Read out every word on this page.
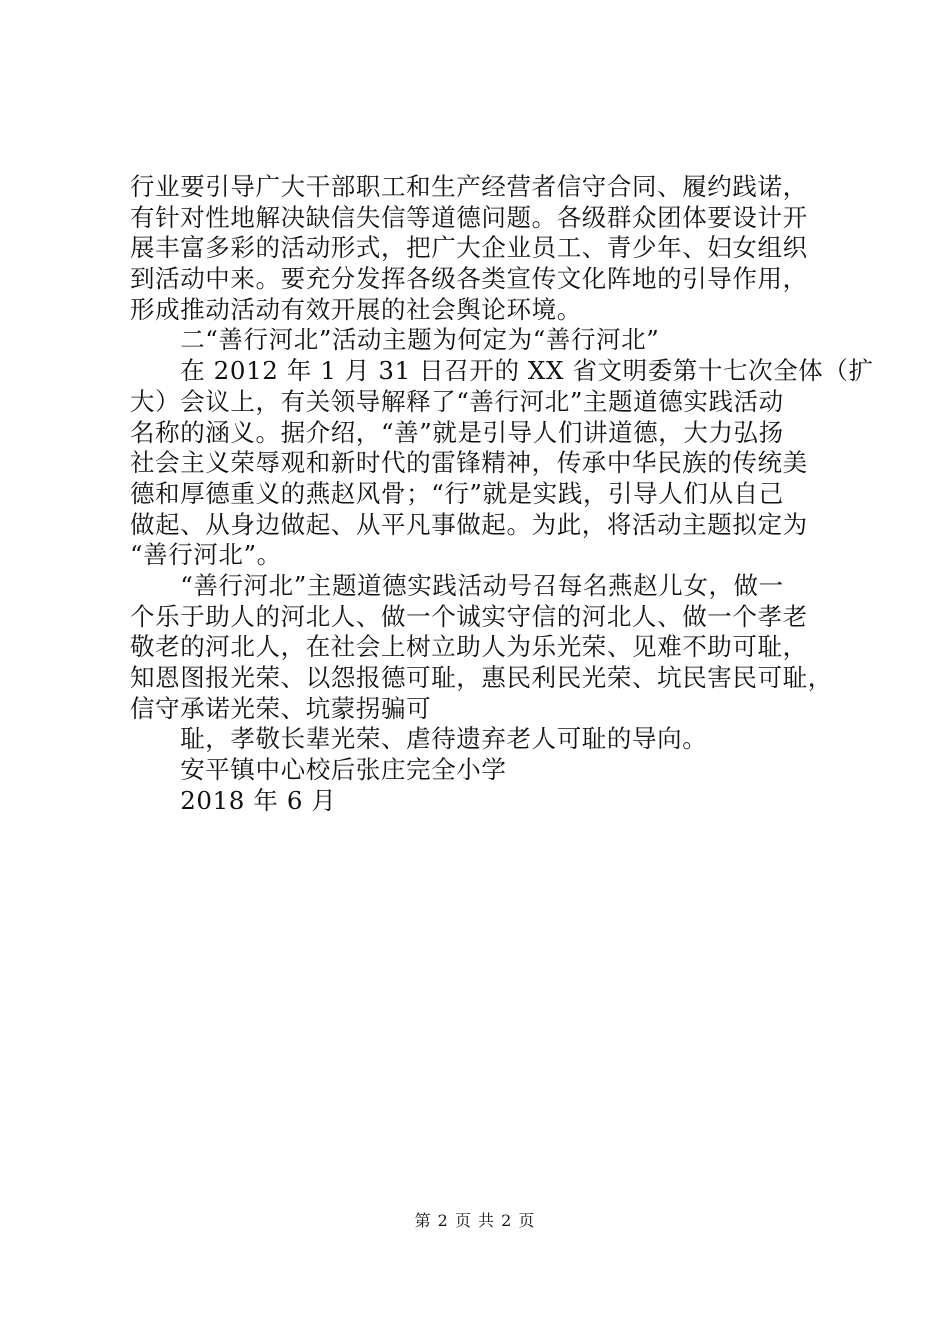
行业要引导广大干部职工和生产经营者信守合同、履约践诺，
有针对性地解决缺信失信等道德问题。各级群众团体要设计开
展丰富多彩的活动形式，把广大企业员工、青少年、妇女组织
到活动中来。要充分发挥各级各类宣传文化阵地的引导作用，
形成推动活动有效开展的社会舆论环境。
　　二“善行河北”活动主题为何定为“善行河北”
　　在 2012 年 1 月 31 日召开的 XX 省文明委第十七次全体（扩
大）会议上，有关领导解释了“善行河北”主题道德实践活动
名称的涵义。据介绍，“善”就是引导人们讲道德，大力弘扬
社会主义荣辱观和新时代的雷锋精神，传承中华民族的传统美
德和厚德重义的燕赵风骨；“行”就是实践，引导人们从自己
做起、从身边做起、从平凡事做起。为此，将活动主题拟定为
“善行河北”。
　　“善行河北”主题道德实践活动号召每名燕赵儿女，做一
个乐于助人的河北人、做一个诚实守信的河北人、做一个孝老
敬老的河北人，在社会上树立助人为乐光荣、见难不助可耻，
知恩图报光荣、以怨报德可耻，惠民利民光荣、坑民害民可耻，
信守承诺光荣、坑蒙拐骗可
　　耻，孝敬长辈光荣、虐待遗弃老人可耻的导向。
　　安平镇中心校后张庄完全小学
　　2018 年 6 月
第 2 页 共 2 页
